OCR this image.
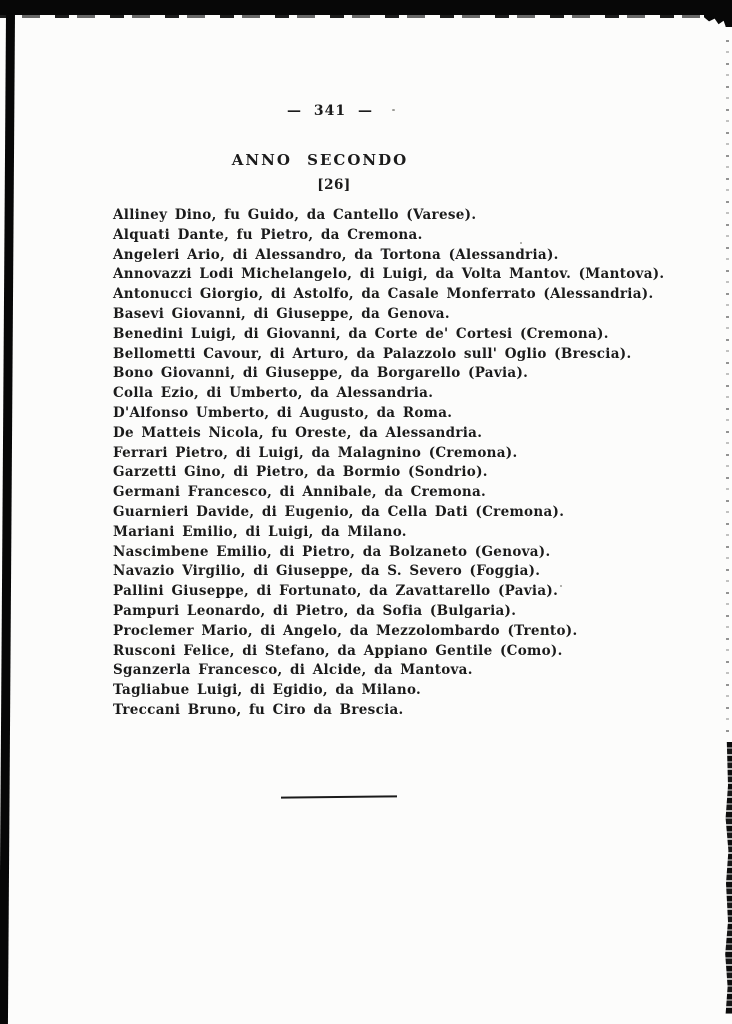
— 341 —
ANNO SECONDO
[26]
Alliney Dino, fu Guido, da Cantello (Varese).
Alquati Dante, fu Pietro, da Cremona.
Angeleri Ario, di Alessandro, da Tortona (Alessandria).
Annovazzi Lodi Michelangelo, di Luigi, da Volta Mantov. (Mantova).
Antonucci Giorgio, di Astolfo, da Casale Monferrato (Alessandria).
Basevi Giovanni, di Giuseppe, da Genova.
Benedini Luigi, di Giovanni, da Corte de' Cortesi (Cremona).
Bellometti Cavour, di Arturo, da Palazzolo sull' Oglio (Brescia).
Bono Giovanni, di Giuseppe, da Borgarello (Pavia).
Colla Ezio, di Umberto, da Alessandria.
D'Alfonso Umberto, di Augusto, da Roma.
De Matteis Nicola, fu Oreste, da Alessandria.
Ferrari Pietro, di Luigi, da Malagnino (Cremona).
Garzetti Gino, di Pietro, da Bormio (Sondrio).
Germani Francesco, di Annibale, da Cremona.
Guarnieri Davide, di Eugenio, da Cella Dati (Cremona).
Mariani Emilio, di Luigi, da Milano.
Nascimbene Emilio, di Pietro, da Bolzaneto (Genova).
Navazio Virgilio, di Giuseppe, da S. Severo (Foggia).
Pallini Giuseppe, di Fortunato, da Zavattarello (Pavia).
Pampuri Leonardo, di Pietro, da Sofia (Bulgaria).
Proclemer Mario, di Angelo, da Mezzolombardo (Trento).
Rusconi Felice, di Stefano, da Appiano Gentile (Como).
Sganzerla Francesco, di Alcide, da Mantova.
Tagliabue Luigi, di Egidio, da Milano.
Treccani Bruno, fu Ciro da Brescia.
